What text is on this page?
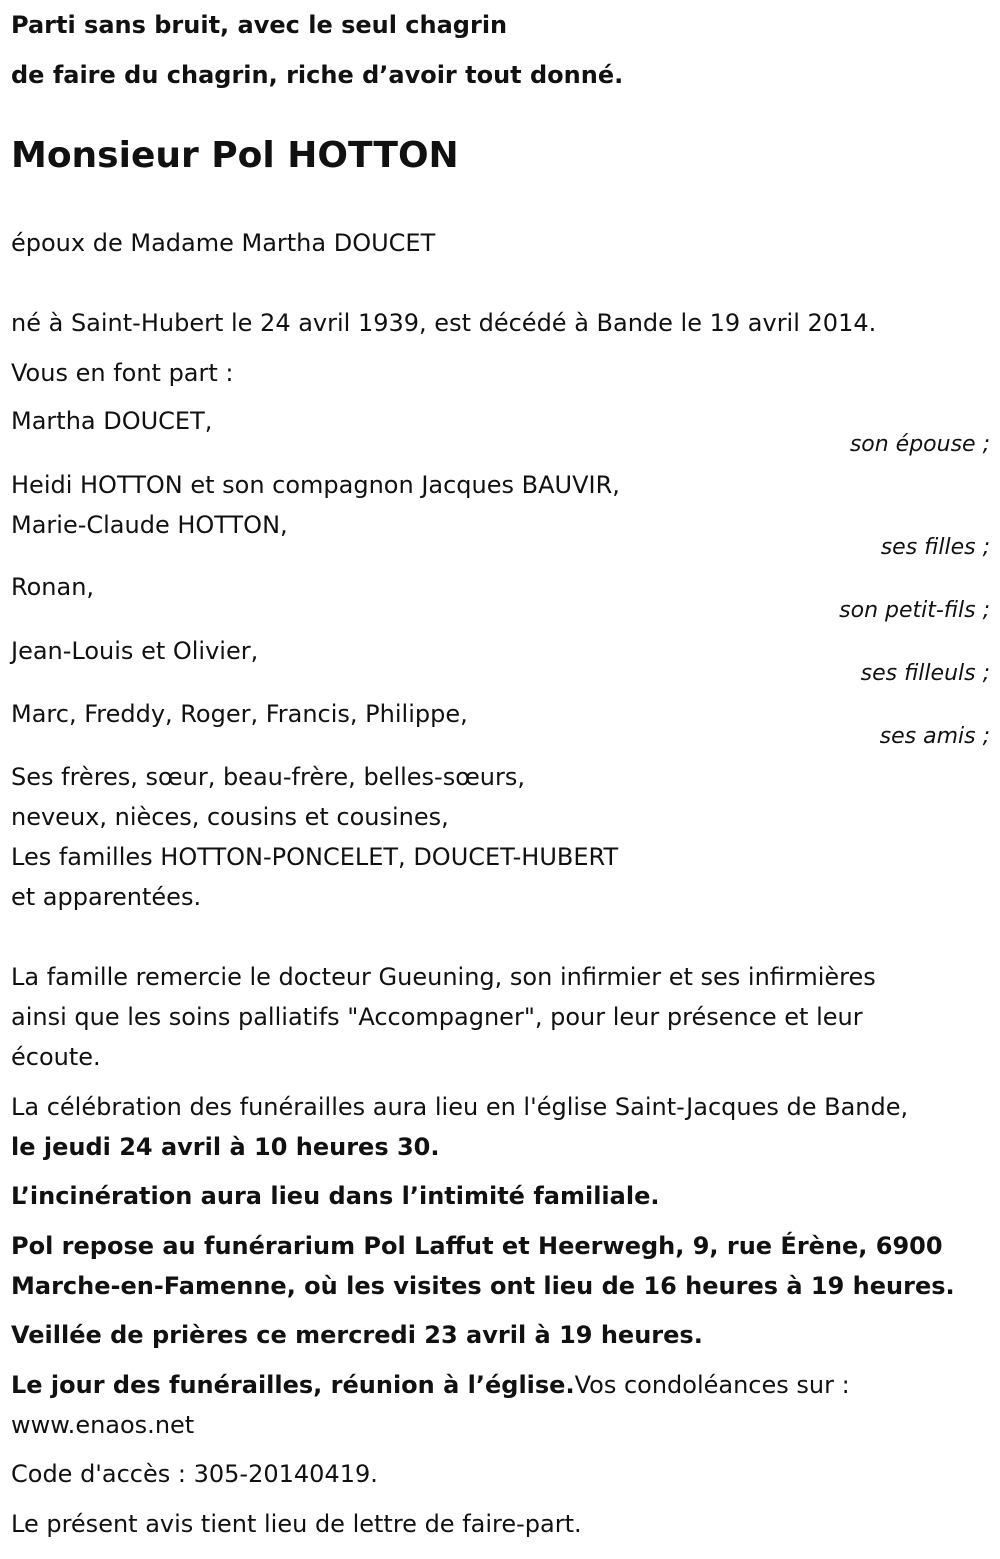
Parti sans bruit, avec le seul chagrin
de faire du chagrin, riche d’avoir tout donné.
Monsieur Pol HOTTON
époux de Madame Martha DOUCET
né à Saint-Hubert le 24 avril 1939, est décédé à Bande le 19 avril 2014.
Vous en font part :
Martha DOUCET,
son épouse ;
Heidi HOTTON et son compagnon Jacques BAUVIR,
Marie-Claude HOTTON,
ses filles ;
Ronan,
son petit-fils ;
Jean-Louis et Olivier,
ses filleuls ;
Marc, Freddy, Roger, Francis, Philippe,
ses amis ;
Ses frères, sœur, beau-frère, belles-sœurs,
neveux, nièces, cousins et cousines,
Les familles HOTTON-PONCELET, DOUCET-HUBERT
et apparentées.
La famille remercie le docteur Gueuning, son infirmier et ses infirmières
ainsi que les soins palliatifs "Accompagner", pour leur présence et leur
écoute.
La célébration des funérailles aura lieu en l'église Saint-Jacques de Bande,
le jeudi 24 avril à 10 heures 30.
L’incinération aura lieu dans l’intimité familiale.
Pol repose au funérarium Pol Laffut et Heerwegh, 9, rue Érène, 6900
Marche-en-Famenne, où les visites ont lieu de 16 heures à 19 heures.
Veillée de prières ce mercredi 23 avril à 19 heures.
Le jour des funérailles, réunion à l’église.Vos condoléances sur :
www.enaos.net
Code d'accès : 305-20140419.
Le présent avis tient lieu de lettre de faire-part.
